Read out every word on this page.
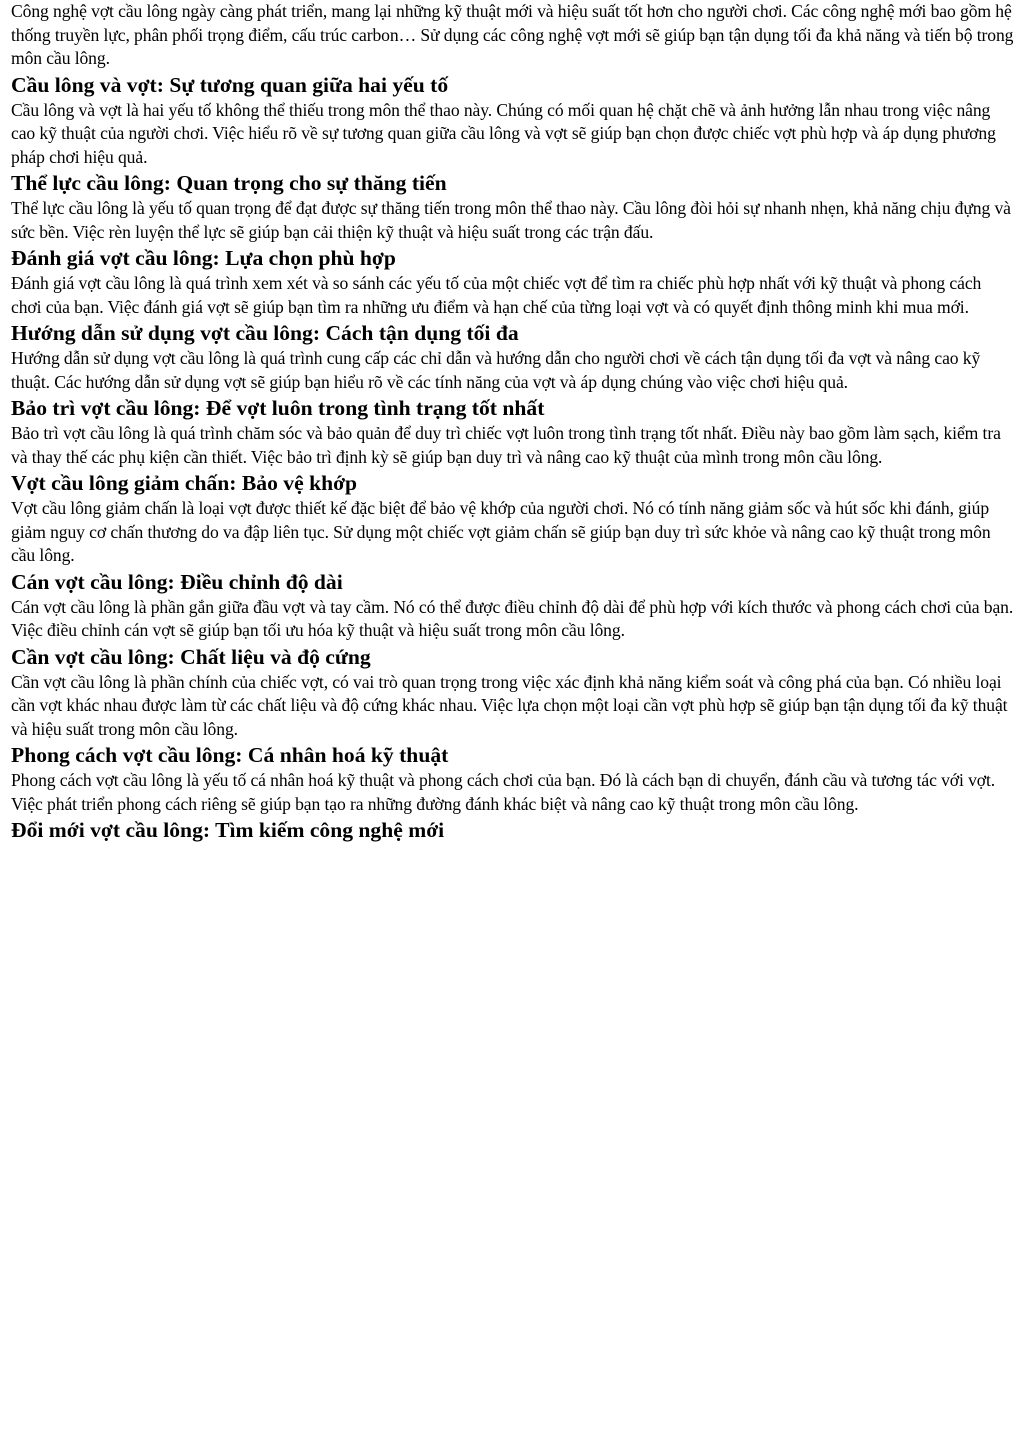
Công nghệ vợt cầu lông ngày càng phát triển, mang lại những kỹ thuật mới và hiệu suất tốt hơn cho người chơi. Các công nghệ mới bao gồm hệ thống truyền lực, phân phối trọng điểm, cấu trúc carbon… Sử dụng các công nghệ vợt mới sẽ giúp bạn tận dụng tối đa khả năng và tiến bộ trong môn cầu lông.

Cầu lông và vợt: Sự tương quan giữa hai yếu tố

Cầu lông và vợt là hai yếu tố không thể thiếu trong môn thể thao này. Chúng có mối quan hệ chặt chẽ và ảnh hưởng lẫn nhau trong việc nâng cao kỹ thuật của người chơi. Việc hiểu rõ về sự tương quan giữa cầu lông và vợt sẽ giúp bạn chọn được chiếc vợt phù hợp và áp dụng phương pháp chơi hiệu quả.

Thể lực cầu lông: Quan trọng cho sự thăng tiến

Thể lực cầu lông là yếu tố quan trọng để đạt được sự thăng tiến trong môn thể thao này. Cầu lông đòi hỏi sự nhanh nhẹn, khả năng chịu đựng và sức bền. Việc rèn luyện thể lực sẽ giúp bạn cải thiện kỹ thuật và hiệu suất trong các trận đấu.

Đánh giá vợt cầu lông: Lựa chọn phù hợp

Đánh giá vợt cầu lông là quá trình xem xét và so sánh các yếu tố của một chiếc vợt để tìm ra chiếc phù hợp nhất với kỹ thuật và phong cách chơi của bạn. Việc đánh giá vợt sẽ giúp bạn tìm ra những ưu điểm và hạn chế của từng loại vợt và có quyết định thông minh khi mua mới.

Hướng dẫn sử dụng vợt cầu lông: Cách tận dụng tối đa

Hướng dẫn sử dụng vợt cầu lông là quá trình cung cấp các chỉ dẫn và hướng dẫn cho người chơi về cách tận dụng tối đa vợt và nâng cao kỹ thuật. Các hướng dẫn sử dụng vợt sẽ giúp bạn hiểu rõ về các tính năng của vợt và áp dụng chúng vào việc chơi hiệu quả.

Bảo trì vợt cầu lông: Để vợt luôn trong tình trạng tốt nhất

Bảo trì vợt cầu lông là quá trình chăm sóc và bảo quản để duy trì chiếc vợt luôn trong tình trạng tốt nhất. Điều này bao gồm làm sạch, kiểm tra và thay thế các phụ kiện cần thiết. Việc bảo trì định kỳ sẽ giúp bạn duy trì và nâng cao kỹ thuật của mình trong môn cầu lông.

Vợt cầu lông giảm chấn: Bảo vệ khớp

Vợt cầu lông giảm chấn là loại vợt được thiết kế đặc biệt để bảo vệ khớp của người chơi. Nó có tính năng giảm sốc và hút sốc khi đánh, giúp giảm nguy cơ chấn thương do va đập liên tục. Sử dụng một chiếc vợt giảm chấn sẽ giúp bạn duy trì sức khỏe và nâng cao kỹ thuật trong môn cầu lông.

Cán vợt cầu lông: Điều chỉnh độ dài

Cán vợt cầu lông là phần gắn giữa đầu vợt và tay cầm. Nó có thể được điều chỉnh độ dài để phù hợp với kích thước và phong cách chơi của bạn. Việc điều chỉnh cán vợt sẽ giúp bạn tối ưu hóa kỹ thuật và hiệu suất trong môn cầu lông.

Cần vợt cầu lông: Chất liệu và độ cứng

Cần vợt cầu lông là phần chính của chiếc vợt, có vai trò quan trọng trong việc xác định khả năng kiểm soát và công phá của bạn. Có nhiều loại cần vợt khác nhau được làm từ các chất liệu và độ cứng khác nhau. Việc lựa chọn một loại cần vợt phù hợp sẽ giúp bạn tận dụng tối đa kỹ thuật và hiệu suất trong môn cầu lông.

Phong cách vợt cầu lông: Cá nhân hoá kỹ thuật

Phong cách vợt cầu lông là yếu tố cá nhân hoá kỹ thuật và phong cách chơi của bạn. Đó là cách bạn di chuyển, đánh cầu và tương tác với vợt. Việc phát triển phong cách riêng sẽ giúp bạn tạo ra những đường đánh khác biệt và nâng cao kỹ thuật trong môn cầu lông.

Đổi mới vợt cầu lông: Tìm kiếm công nghệ mới
